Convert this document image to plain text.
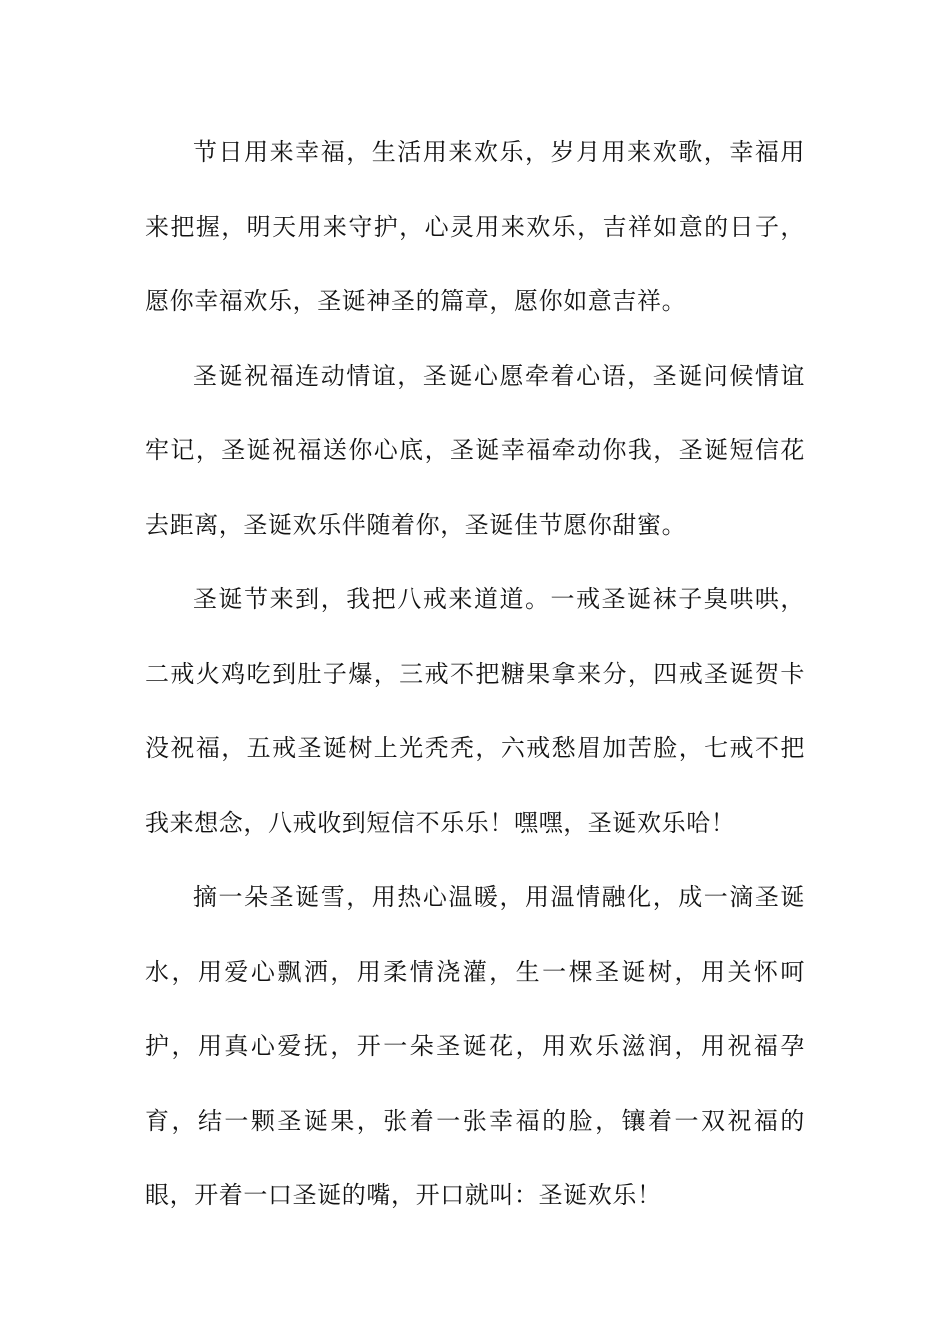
节日用来幸福，生活用来欢乐，岁月用来欢歌，幸福用来把握，明天用来守护，心灵用来欢乐，吉祥如意的日子，愿你幸福欢乐，圣诞神圣的篇章，愿你如意吉祥。

圣诞祝福连动情谊，圣诞心愿牵着心语，圣诞问候情谊牢记，圣诞祝福送你心底，圣诞幸福牵动你我，圣诞短信花去距离，圣诞欢乐伴随着你，圣诞佳节愿你甜蜜。

圣诞节来到，我把八戒来道道。一戒圣诞袜子臭哄哄，二戒火鸡吃到肚子爆，三戒不把糖果拿来分，四戒圣诞贺卡没祝福，五戒圣诞树上光秃秃，六戒愁眉加苦脸，七戒不把我来想念，八戒收到短信不乐乐！嘿嘿，圣诞欢乐哈！

摘一朵圣诞雪，用热心温暖，用温情融化，成一滴圣诞水，用爱心飘洒，用柔情浇灌，生一棵圣诞树，用关怀呵护，用真心爱抚，开一朵圣诞花，用欢乐滋润，用祝福孕育，结一颗圣诞果，张着一张幸福的脸，镶着一双祝福的眼，开着一口圣诞的嘴，开口就叫：圣诞欢乐！
